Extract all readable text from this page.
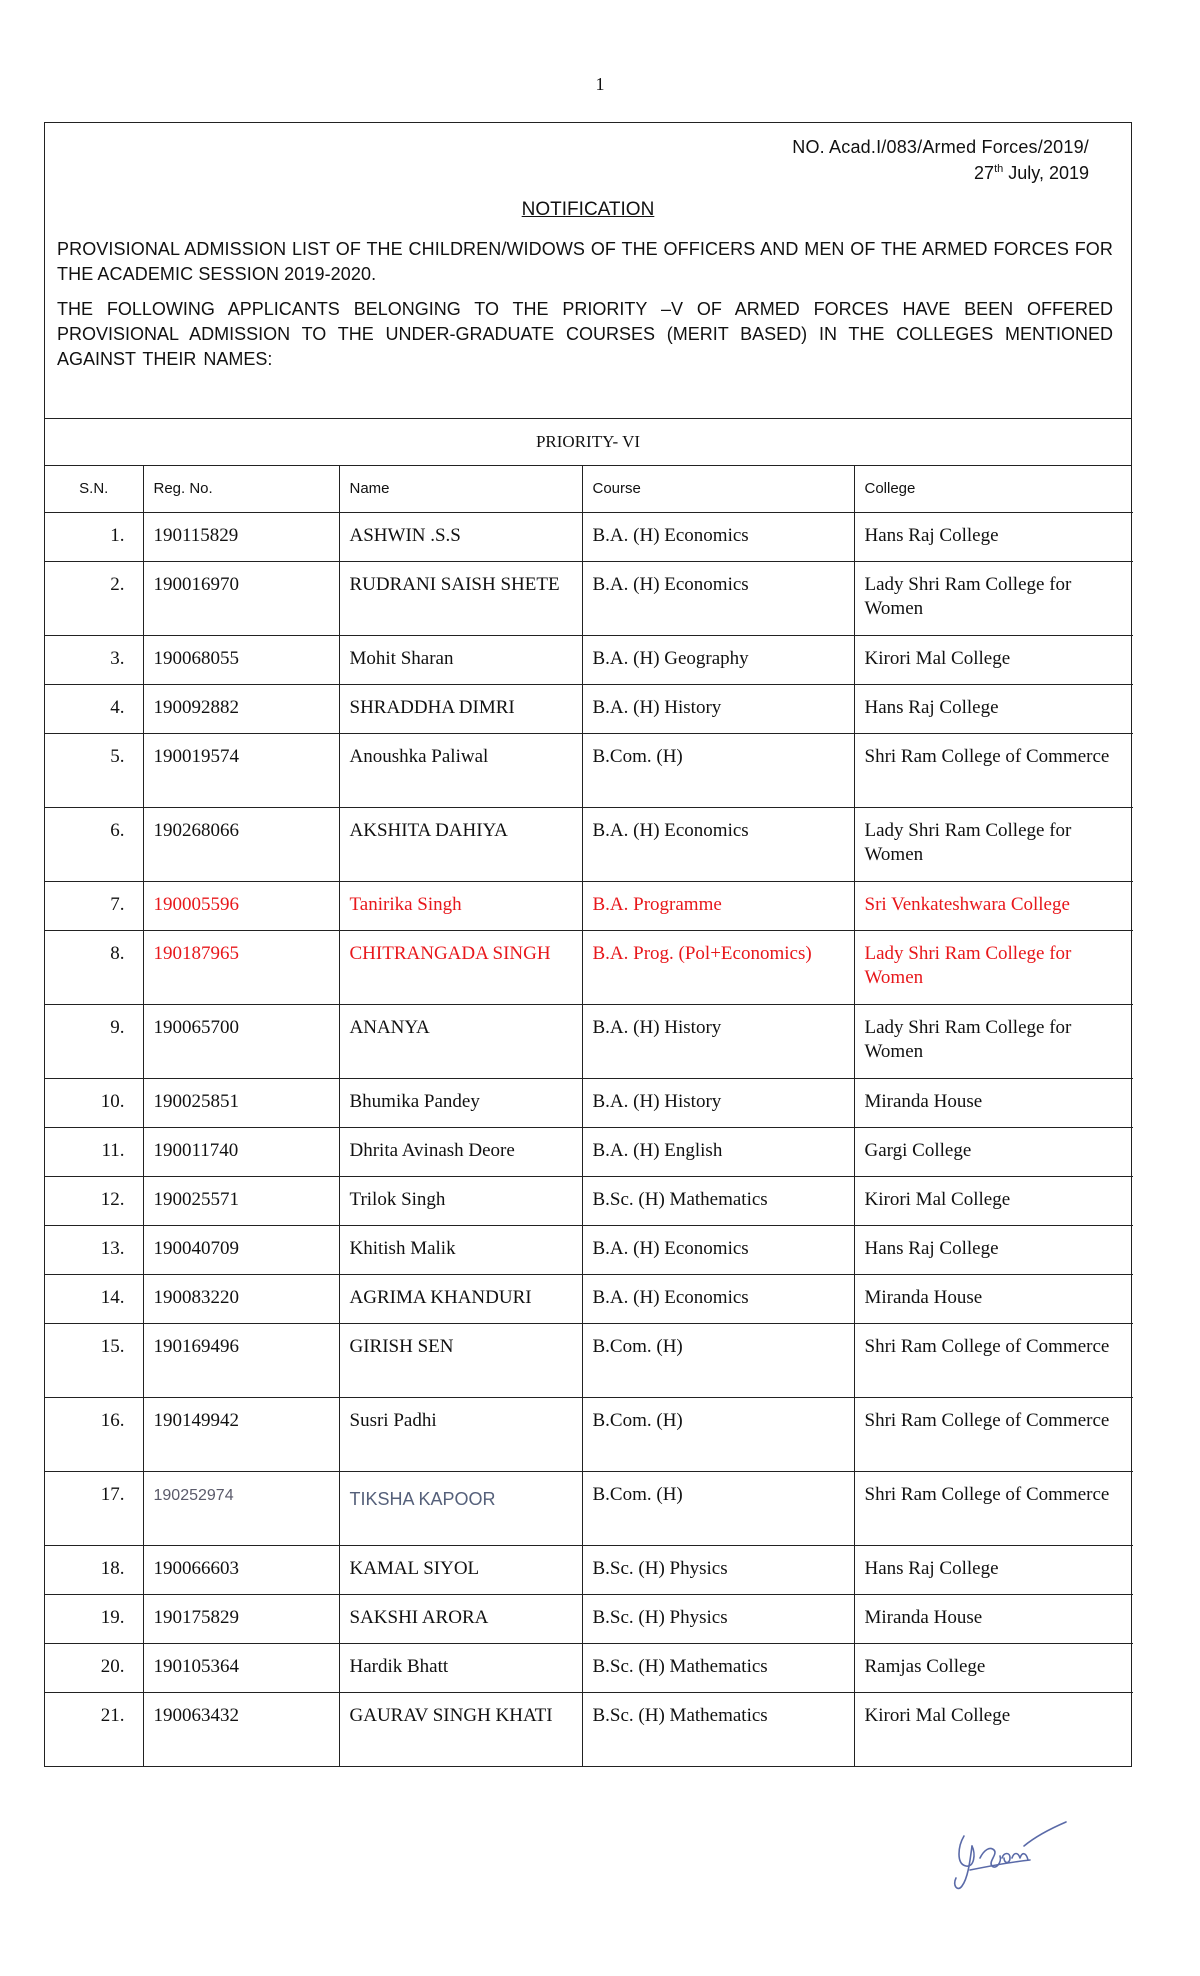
1
NO. Acad.I/083/Armed Forces/2019/
27th July, 2019
NOTIFICATION
PROVISIONAL ADMISSION LIST OF THE CHILDREN/WIDOWS OF THE OFFICERS AND MEN OF THE ARMED FORCES FOR THE ACADEMIC SESSION 2019-2020.
THE FOLLOWING APPLICANTS BELONGING TO THE PRIORITY –V OF ARMED FORCES HAVE BEEN OFFERED PROVISIONAL ADMISSION TO THE UNDER-GRADUATE COURSES (MERIT BASED) IN THE COLLEGES MENTIONED AGAINST THEIR NAMES:
PRIORITY- VI
S.N.	Reg. No.	Name	Course	College
1.	190115829	ASHWIN .S.S	B.A. (H) Economics	Hans Raj College
2.	190016970	RUDRANI SAISH SHETE	B.A. (H) Economics	Lady Shri Ram College for Women
3.	190068055	Mohit Sharan	B.A. (H) Geography	Kirori Mal College
4.	190092882	SHRADDHA DIMRI	B.A. (H) History	Hans Raj College
5.	190019574	Anoushka Paliwal	B.Com. (H)	Shri Ram College of Commerce
6.	190268066	AKSHITA DAHIYA	B.A. (H) Economics	Lady Shri Ram College for Women
7.	190005596	Tanirika Singh	B.A. Programme	Sri Venkateshwara College
8.	190187965	CHITRANGADA SINGH	B.A. Prog. (Pol+Economics)	Lady Shri Ram College for Women
9.	190065700	ANANYA	B.A. (H) History	Lady Shri Ram College for Women
10.	190025851	Bhumika Pandey	B.A. (H) History	Miranda House
11.	190011740	Dhrita Avinash Deore	B.A. (H) English	Gargi College
12.	190025571	Trilok Singh	B.Sc. (H) Mathematics	Kirori Mal College
13.	190040709	Khitish Malik	B.A. (H) Economics	Hans Raj College
14.	190083220	AGRIMA KHANDURI	B.A. (H) Economics	Miranda House
15.	190169496	GIRISH SEN	B.Com. (H)	Shri Ram College of Commerce
16.	190149942	Susri Padhi	B.Com. (H)	Shri Ram College of Commerce
17.	190252974	TIKSHA KAPOOR	B.Com. (H)	Shri Ram College of Commerce
18.	190066603	KAMAL SIYOL	B.Sc. (H) Physics	Hans Raj College
19.	190175829	SAKSHI ARORA	B.Sc. (H) Physics	Miranda House
20.	190105364	Hardik Bhatt	B.Sc. (H) Mathematics	Ramjas College
21.	190063432	GAURAV SINGH KHATI	B.Sc. (H) Mathematics	Kirori Mal College
